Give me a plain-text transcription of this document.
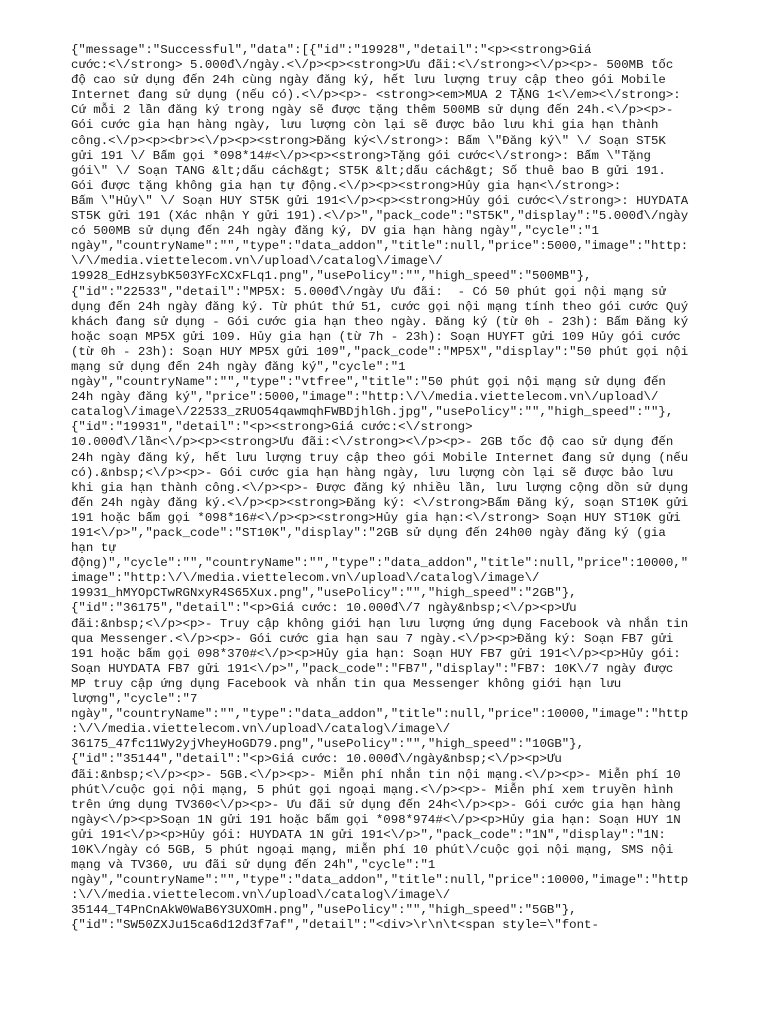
{"message":"Successful","data":[{"id":"19928","detail":"<p><strong>Giá
cước:<\/strong> 5.000đ\/ngày.<\/p><p><strong>Ưu đãi:<\/strong><\/p><p>- 500MB tốc
độ cao sử dụng đến 24h cùng ngày đăng ký, hết lưu lượng truy cập theo gói Mobile
Internet đang sử dụng (nếu có).<\/p><p>- <strong><em>MUA 2 TẶNG 1<\/em><\/strong>:
Cứ mỗi 2 lần đăng ký trong ngày sẽ được tặng thêm 500MB sử dụng đến 24h.<\/p><p>-
Gói cước gia hạn hàng ngày, lưu lượng còn lại sẽ được bảo lưu khi gia hạn thành
công.<\/p><p><br><\/p><p><strong>Đăng ký<\/strong>: Bấm \"Đăng ký\" \/ Soạn ST5K
gửi 191 \/ Bấm gọi *098*14#<\/p><p><strong>Tặng gói cước<\/strong>: Bấm \"Tặng
gói\" \/ Soạn TANG &lt;dấu cách&gt; ST5K &lt;dấu cách&gt; Số thuê bao B gửi 191.
Gói được tặng không gia hạn tự động.<\/p><p><strong>Hủy gia hạn<\/strong>:
Bấm \"Hủy\" \/ Soạn HUY ST5K gửi 191<\/p><p><strong>Hủy gói cước<\/strong>: HUYDATA
ST5K gửi 191 (Xác nhận Y gửi 191).<\/p>","pack_code":"ST5K","display":"5.000đ\/ngày
có 500MB sử dụng đến 24h ngày đăng ký, DV gia hạn hàng ngày","cycle":"1
ngày","countryName":"","type":"data_addon","title":null,"price":5000,"image":"http:
\/\/media.viettelecom.vn\/upload\/catalog\/image\/
19928_EdHzsybK503YFcXCxFLq1.png","usePolicy":"","high_speed":"500MB"},
{"id":"22533","detail":"MP5X: 5.000đ\/ngày Ưu đãi:  - Có 50 phút gọi nội mạng sử
dụng đến 24h ngày đăng ký. Từ phút thứ 51, cước gọi nội mạng tính theo gói cước Quý
khách đang sử dụng - Gói cước gia hạn theo ngày. Đăng ký (từ 0h - 23h): Bấm Đăng ký
hoặc soạn MP5X gửi 109. Hủy gia hạn (từ 7h - 23h): Soạn HUYFT gửi 109 Hủy gói cước
(từ 0h - 23h): Soạn HUY MP5X gửi 109","pack_code":"MP5X","display":"50 phút gọi nội
mạng sử dụng đến 24h ngày đăng ký","cycle":"1
ngày","countryName":"","type":"vtfree","title":"50 phút gọi nội mạng sử dụng đến
24h ngày đăng ký","price":5000,"image":"http:\/\/media.viettelecom.vn\/upload\/
catalog\/image\/22533_zRUO54qawmqhFWBDjhlGh.jpg","usePolicy":"","high_speed":""},
{"id":"19931","detail":"<p><strong>Giá cước:<\/strong>
10.000đ\/lần<\/p><p><strong>Ưu đãi:<\/strong><\/p><p>- 2GB tốc độ cao sử dụng đến
24h ngày đăng ký, hết lưu lượng truy cập theo gói Mobile Internet đang sử dụng (nếu
có).&nbsp;<\/p><p>- Gói cước gia hạn hàng ngày, lưu lượng còn lại sẽ được bảo lưu
khi gia hạn thành công.<\/p><p>- Được đăng ký nhiều lần, lưu lượng cộng dồn sử dụng
đến 24h ngày đăng ký.<\/p><p><strong>Đăng ký: <\/strong>Bấm Đăng ký, soạn ST10K gửi
191 hoặc bấm gọi *098*16#<\/p><p><strong>Hủy gia hạn:<\/strong> Soạn HUY ST10K gửi
191<\/p>","pack_code":"ST10K","display":"2GB sử dụng đến 24h00 ngày đăng ký (gia
hạn tự
động)","cycle":"","countryName":"","type":"data_addon","title":null,"price":10000,"
image":"http:\/\/media.viettelecom.vn\/upload\/catalog\/image\/
19931_hMYOpCTwRGNxyR4S65Xux.png","usePolicy":"","high_speed":"2GB"},
{"id":"36175","detail":"<p>Giá cước: 10.000đ\/7 ngày&nbsp;<\/p><p>Ưu
đãi:&nbsp;<\/p><p>- Truy cập không giới hạn lưu lượng ứng dụng Facebook và nhắn tin
qua Messenger.<\/p><p>- Gói cước gia hạn sau 7 ngày.<\/p><p>Đăng ký: Soạn FB7 gửi
191 hoặc bấm gọi 098*370#<\/p><p>Hủy gia hạn: Soạn HUY FB7 gửi 191<\/p><p>Hủy gói:
Soạn HUYDATA FB7 gửi 191<\/p>","pack_code":"FB7","display":"FB7: 10K\/7 ngày được
MP truy cập ứng dụng Facebook và nhắn tin qua Messenger không giới hạn lưu
lượng","cycle":"7
ngày","countryName":"","type":"data_addon","title":null,"price":10000,"image":"http
:\/\/media.viettelecom.vn\/upload\/catalog\/image\/
36175_47fc11Wy2yjVheyHoGD79.png","usePolicy":"","high_speed":"10GB"},
{"id":"35144","detail":"<p>Giá cước: 10.000đ\/ngày&nbsp;<\/p><p>Ưu
đãi:&nbsp;<\/p><p>- 5GB.<\/p><p>- Miễn phí nhắn tin nội mạng.<\/p><p>- Miễn phí 10
phút\/cuộc gọi nội mạng, 5 phút gọi ngoại mạng.<\/p><p>- Miễn phí xem truyền hình
trên ứng dụng TV360<\/p><p>- Ưu đãi sử dụng đến 24h<\/p><p>- Gói cước gia hạn hàng
ngày<\/p><p>Soạn 1N gửi 191 hoặc bấm gọi *098*974#<\/p><p>Hủy gia hạn: Soạn HUY 1N
gửi 191<\/p><p>Hủy gói: HUYDATA 1N gửi 191<\/p>","pack_code":"1N","display":"1N:
10K\/ngày có 5GB, 5 phút ngoại mạng, miễn phí 10 phút\/cuộc gọi nội mạng, SMS nội
mạng và TV360, ưu đãi sử dụng đến 24h","cycle":"1
ngày","countryName":"","type":"data_addon","title":null,"price":10000,"image":"http
:\/\/media.viettelecom.vn\/upload\/catalog\/image\/
35144_T4PnCnAkW0WaB6Y3UXOmH.png","usePolicy":"","high_speed":"5GB"},
{"id":"SW50ZXJu15ca6d12d3f7af","detail":"<div>\r\n\t<span style=\"font-
